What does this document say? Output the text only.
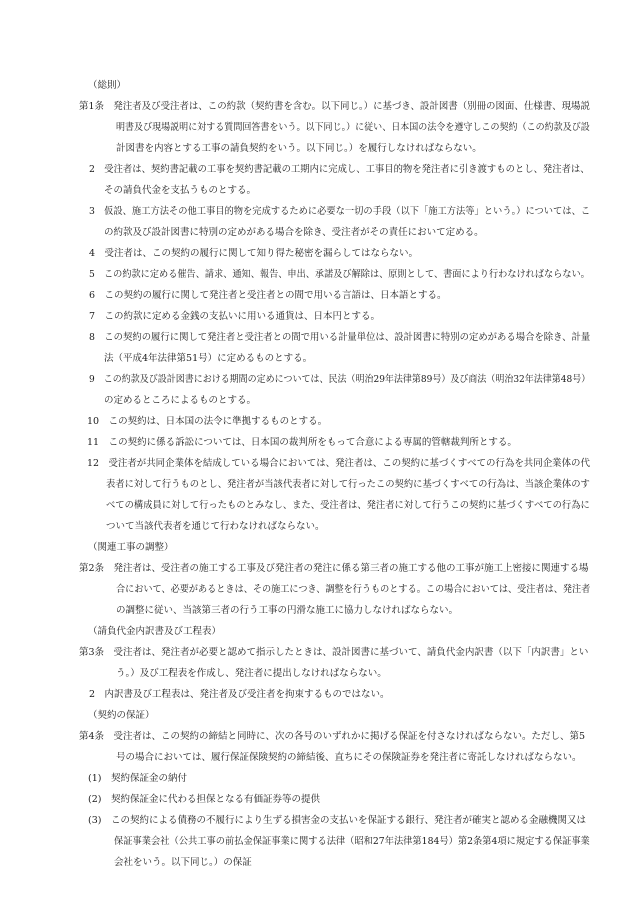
（総則）
第1条　発注者及び受注者は、この約款（契約書を含む。以下同じ。）に基づき、設計図書（別冊の図面、仕様書、現場説
明書及び現場説明に対する質問回答書をいう。以下同じ。）に従い、日本国の法令を遵守しこの契約（この約款及び設
計図書を内容とする工事の請負契約をいう。以下同じ。）を履行しなければならない。
2　受注者は、契約書記載の工事を契約書記載の工期内に完成し、工事目的物を発注者に引き渡すものとし、発注者は、
その請負代金を支払うものとする。
3　仮設、施工方法その他工事目的物を完成するために必要な一切の手段（以下「施工方法等」という。）については、こ
の約款及び設計図書に特別の定めがある場合を除き、受注者がその責任において定める。
4　受注者は、この契約の履行に関して知り得た秘密を漏らしてはならない。
5　この約款に定める催告、請求、通知、報告、申出、承諾及び解除は、原則として、書面により行わなければならない。
6　この契約の履行に関して発注者と受注者との間で用いる言語は、日本語とする。
7　この約款に定める金銭の支払いに用いる通貨は、日本円とする。
8　この契約の履行に関して発注者と受注者との間で用いる計量単位は、設計図書に特別の定めがある場合を除き、計量
法（平成4年法律第51号）に定めるものとする。
9　この約款及び設計図書における期間の定めについては、民法（明治29年法律第89号）及び商法（明治32年法律第48号）
の定めるところによるものとする。
10　この契約は、日本国の法令に準拠するものとする。
11　この契約に係る訴訟については、日本国の裁判所をもって合意による専属的管轄裁判所とする。
12　受注者が共同企業体を結成している場合においては、発注者は、この契約に基づくすべての行為を共同企業体の代
表者に対して行うものとし、発注者が当該代表者に対して行ったこの契約に基づくすべての行為は、当該企業体のす
べての構成員に対して行ったものとみなし、また、受注者は、発注者に対して行うこの契約に基づくすべての行為に
ついて当該代表者を通じて行わなければならない。
（関連工事の調整）
第2条　発注者は、受注者の施工する工事及び発注者の発注に係る第三者の施工する他の工事が施工上密接に関連する場
合において、必要があるときは、その施工につき、調整を行うものとする。この場合においては、受注者は、発注者
の調整に従い、当該第三者の行う工事の円滑な施工に協力しなければならない。
（請負代金内訳書及び工程表）
第3条　受注者は、発注者が必要と認めて指示したときは、設計図書に基づいて、請負代金内訳書（以下「内訳書」とい
う。）及び工程表を作成し、発注者に提出しなければならない。
2　内訳書及び工程表は、発注者及び受注者を拘束するものではない。
（契約の保証）
第4条　受注者は、この契約の締結と同時に、次の各号のいずれかに掲げる保証を付さなければならない。ただし、第5
号の場合においては、履行保証保険契約の締結後、直ちにその保険証券を発注者に寄託しなければならない。
(1)　契約保証金の納付
(2)　契約保証金に代わる担保となる有価証券等の提供
(3)　この契約による債務の不履行により生ずる損害金の支払いを保証する銀行、発注者が確実と認める金融機関又は
保証事業会社（公共工事の前払金保証事業に関する法律（昭和27年法律第184号）第2条第4項に規定する保証事業
会社をいう。以下同じ。）の保証
